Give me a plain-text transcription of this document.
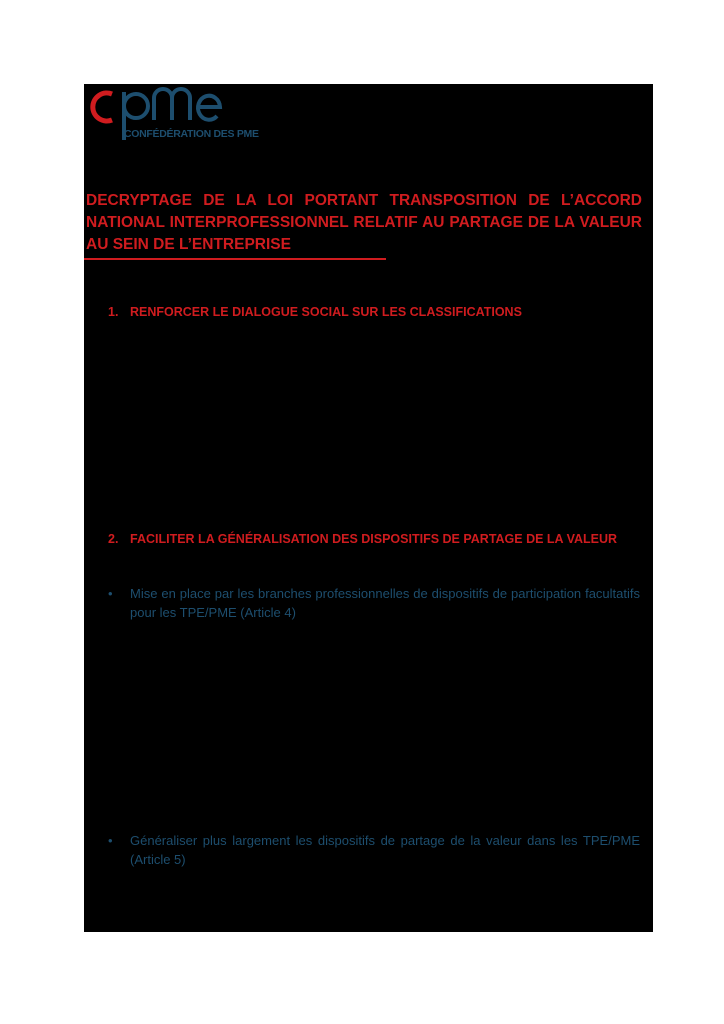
CONFÉDÉRATION DES PME
DECRYPTAGE DE LA LOI PORTANT TRANSPOSITION DE L’ACCORD NATIONAL INTERPROFESSIONNEL RELATIF AU PARTAGE DE LA VALEUR AU SEIN DE L’ENTREPRISE
1. RENFORCER LE DIALOGUE SOCIAL SUR LES CLASSIFICATIONS
2. FACILITER LA GÉNÉRALISATION DES DISPOSITIFS DE PARTAGE DE LA VALEUR
•	Mise en place par les branches professionnelles de dispositifs de participation facultatifs pour les TPE/PME (Article 4)
•	Généraliser plus largement les dispositifs de partage de la valeur dans les TPE/PME (Article 5)
